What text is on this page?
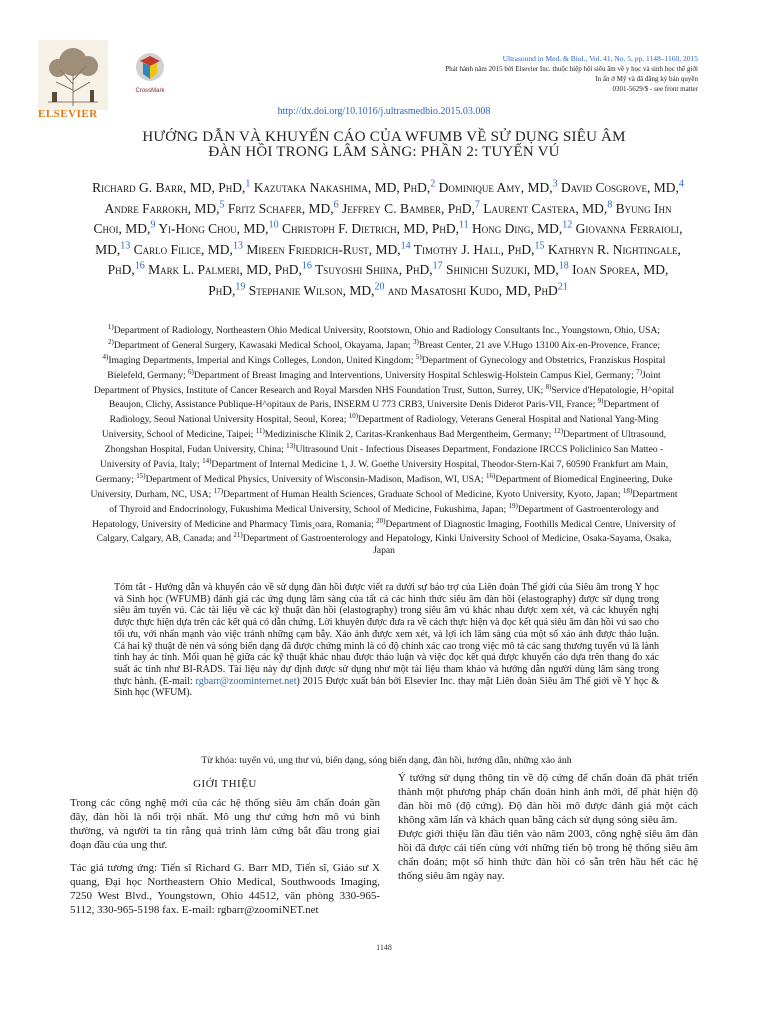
ELSEVIER
CrossMark
Ultrasound in Med. & Biol., Vol. 41, No. 5, pp. 1148–1160, 2015
Phát hành năm 2015 bởi Elsevier Inc. thuộc hiệp hội siêu âm về y học và sinh học thế giới
In ấn ở Mỹ và đã đăng ký bản quyền
0301-5629/$ - see front matter
http://dx.doi.org/10.1016/j.ultrasmedbio.2015.03.008
HƯỚNG DẪN VÀ KHUYẾN CÁO CỦA WFUMB VỀ SỬ DỤNG SIÊU ÂM
ĐÀN HỒI TRONG LÂM SÀNG: PHẦN 2: TUYẾN VÚ
Richard G. Barr, MD, PhD,$^1$ Kazutaka Nakashima, MD, PhD,$^2$ Dominique Amy, MD,$^3$ David Cosgrove, MD,$^4$ Andre Farrokh, MD,$^5$ Fritz Schafer, MD,$^6$ Jeffrey C. Bamber, PhD,$^7$ Laurent Castera, MD,$^8$ Byung Ihn Choi, MD,$^9$ Yi-Hong Chou, MD,$^{10}$ Christoph F. Dietrich, MD, PhD,$^{11}$ Hong Ding, MD,$^{12}$ Giovanna Ferraioli, MD,$^{13}$ Carlo Filice, MD,$^{13}$ Mireen Friedrich-Rust, MD,$^{14}$ Timothy J. Hall, PhD,$^{15}$ Kathryn R. Nightingale, PhD,$^{16}$ Mark L. Palmeri, MD, PhD,$^{16}$ Tsuyoshi Shiina, PhD,$^{17}$ Shinichi Suzuki, MD,$^{18}$ Ioan Sporea, MD, PhD,$^{19}$ Stephanie Wilson, MD,$^{20}$ and Masatoshi Kudo, MD, PhD$^{21}$
$^{1)}$Department of Radiology, Northeastern Ohio Medical University, Rootstown, Ohio and Radiology Consultants Inc., Youngstown, Ohio, USA; $^{2)}$Department of General Surgery, Kawasaki Medical School, Okayama, Japan; $^{3)}$Breast Center, 21 ave V.Hugo 13100 Aix-en-Provence, France; $^{4)}$Imaging Departments, Imperial and Kings Colleges, London, United Kingdom; $^{5)}$Department of Gynecology and Obstetrics, Franziskus Hospital Bielefeld, Germany; $^{6)}$Department of Breast Imaging and Interventions, University Hospital Schleswig-Holstein Campus Kiel, Germany; $^{7)}$Joint Department of Physics, Institute of Cancer Research and Royal Marsden NHS Foundation Trust, Sutton, Surrey, UK; $^{8)}$Service d'Hepatologie, H^opital Beaujon, Clichy, Assistance Publique-H^opitaux de Paris, INSERM U 773 CRB3, Universite Denis Diderot Paris-VII, France; $^{9)}$Department of Radiology, Seoul National University Hospital, Seoul, Korea; $^{10)}$Department of Radiology, Veterans General Hospital and National Yang-Ming University, School of Medicine, Taipei; $^{11)}$Medizinische Klinik 2, Caritas-Krankenhaus Bad Mergentheim, Germany; $^{12)}$Department of Ultrasound, Zhongshan Hospital, Fudan University, China; $^{13)}$Ultrasound Unit - Infectious Diseases Department, Fondazione IRCCS Policlinico San Matteo - University of Pavia, Italy; $^{14)}$Department of Internal Medicine 1, J. W. Goethe University Hospital, Theodor-Stern-Kai 7, 60590 Frankfurt am Main, Germany; $^{15)}$Department of Medical Physics, University of Wisconsin-Madison, Madison, WI, USA; $^{16)}$Department of Biomedical Engineering, Duke University, Durham, NC, USA; $^{17)}$Department of Human Health Sciences, Graduate School of Medicine, Kyoto University, Kyoto, Japan; $^{18)}$Department of Thyroid and Endocrinology, Fukushima Medical University, School of Medicine, Fukushima, Japan; $^{19)}$Department of Gastroenterology and Hepatology, University of Medicine and Pharmacy Timis¸oara, Romania; $^{20)}$Department of Diagnostic Imaging, Foothills Medical Centre, University of Calgary, Calgary, AB, Canada; and $^{21)}$Department of Gastroenterology and Hepatology, Kinki University School of Medicine, Osaka-Sayama, Osaka, Japan
Tóm tắt - Hướng dẫn và khuyến cáo về sử dụng đàn hồi được viết ra dưới sự bảo trợ của Liên đoàn Thế giới của Siêu âm trong Y học và Sinh học (WFUMB) đánh giá các ứng dụng lâm sàng của tất cả các hình thức siêu âm đàn hồi (elastography) được sử dụng trong siêu âm tuyến vú. Các tài liệu về các kỹ thuật đàn hồi (elastography) trong siêu âm vú khác nhau được xem xét, và các khuyến nghị được thực hiện dựa trên các kết quả có dẫn chứng. Lời khuyên được đưa ra về cách thực hiện và đọc kết quả siêu âm đàn hồi vú sao cho tối ưu, với nhấn mạnh vào việc tránh những cạm bẫy. Xảo ảnh được xem xét, và lợi ích lâm sàng của một số xảo ảnh được thảo luận. Cả hai kỹ thuật đè nén và sóng biến dạng đã được chứng minh là có độ chính xác cao trong việc mô tả các sang thương tuyến vú là lành tính hay ác tính. Mối quan hệ giữa các kỹ thuật khác nhau được thảo luận và việc đọc kết quả được khuyến cáo dựa trên thang đo xác suất ác tính như BI-RADS. Tài liệu này dự định được sử dụng như một tài liệu tham khảo và hướng dẫn người dùng lâm sàng trong thực hành. (E-mail: rgbarr@zoominternet.net) 2015 Được xuất bản bởi Elsevier Inc. thay mặt Liên đoàn Siêu âm Thế giới về Y học & Sinh học (WFUM).
Từ khóa: tuyến vú, ung thư vú, biến dạng, sóng biến dạng, đàn hồi, hướng dẫn, những xảo ảnh
GIỚI THIỆU

Trong các công nghệ mới của các hệ thống siêu âm chẩn đoán gần đây, đàn hồi là nổi trội nhất. Mô ung thư cứng hơn mô vú bình thường, và người ta tin rằng quá trình làm cứng bắt đầu trong giai đoạn đầu của ung thư.

Tác giả tương ứng: Tiến sĩ Richard G. Barr MD, Tiến sĩ, Giáo sư X quang, Đại học Northeastern Ohio Medical, Southwoods Imaging, 7250 West Blvd., Youngstown, Ohio 44512, văn phòng 330-965-5112, 330-965-5198 fax. E-mail: rgbarr@zoomiNET.net

Ý tưởng sử dụng thông tin về độ cứng để chẩn đoán đã phát triển thành một phương pháp chẩn đoán hình ảnh mới, để phát hiện độ đàn hồi mô (độ cứng). Độ đàn hồi mô được đánh giá một cách không xâm lấn và khách quan bằng cách sử dụng sóng siêu âm.

Được giới thiệu lần đầu tiên vào năm 2003, công nghệ siêu âm đàn hồi đã được cải tiến cùng với những tiến bộ trong hệ thống siêu âm chẩn đoán; một số hình thức đàn hồi có sẵn trên hầu hết các hệ thống siêu âm ngày nay.

1148
